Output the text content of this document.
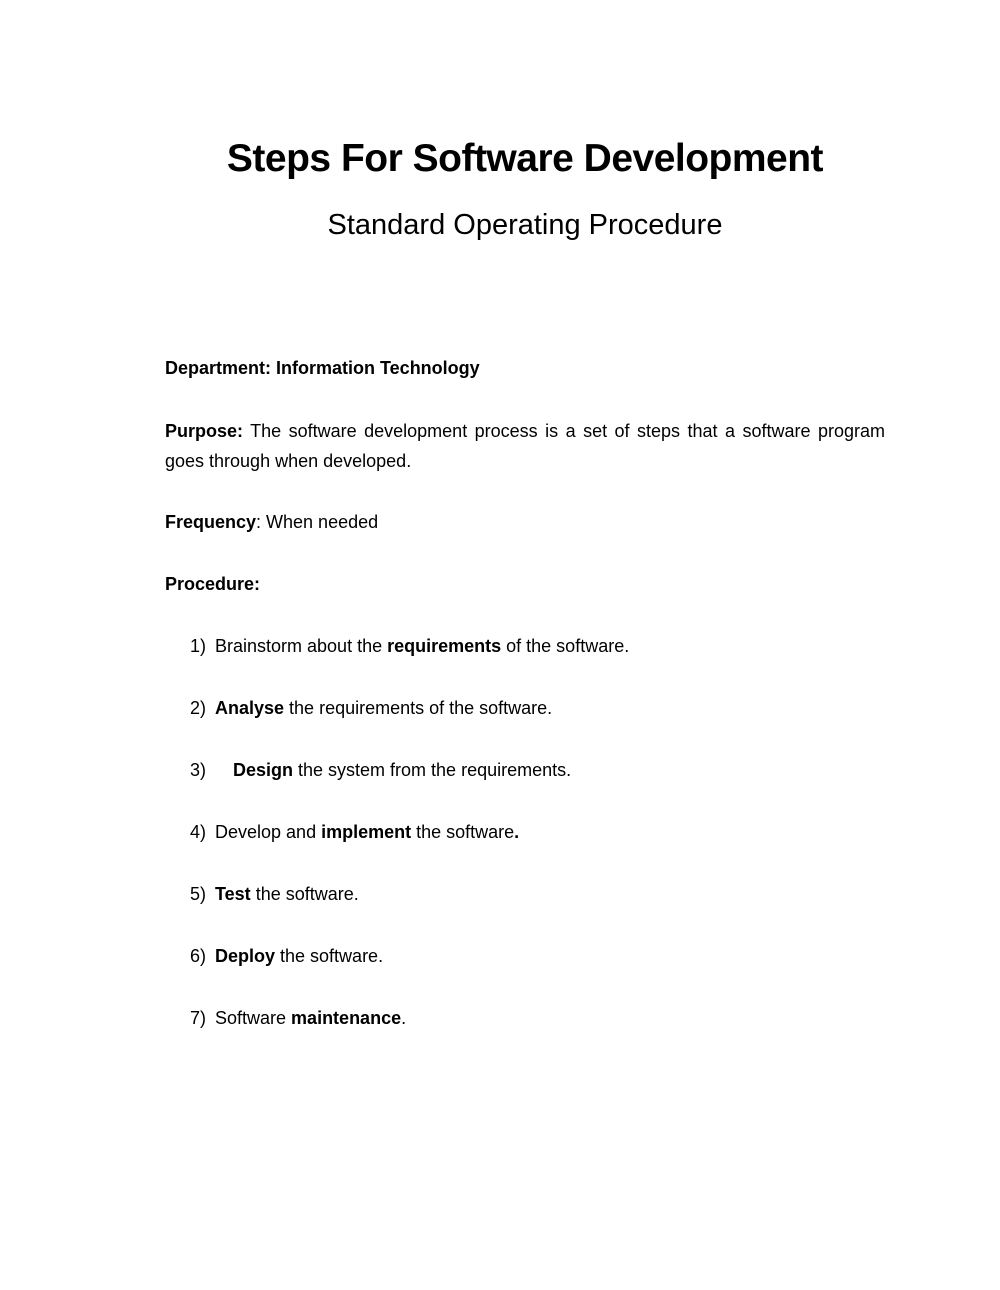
Steps For Software Development
Standard Operating Procedure

Department: Information Technology

Purpose: The software development process is a set of steps that a software program goes through when developed.

Frequency: When needed

Procedure:

1) Brainstorm about the requirements of the software.
2) Analyse the requirements of the software.
3)	Design the system from the requirements.
4) Develop and implement the software.
5) Test the software.
6) Deploy the software.
7) Software maintenance.
